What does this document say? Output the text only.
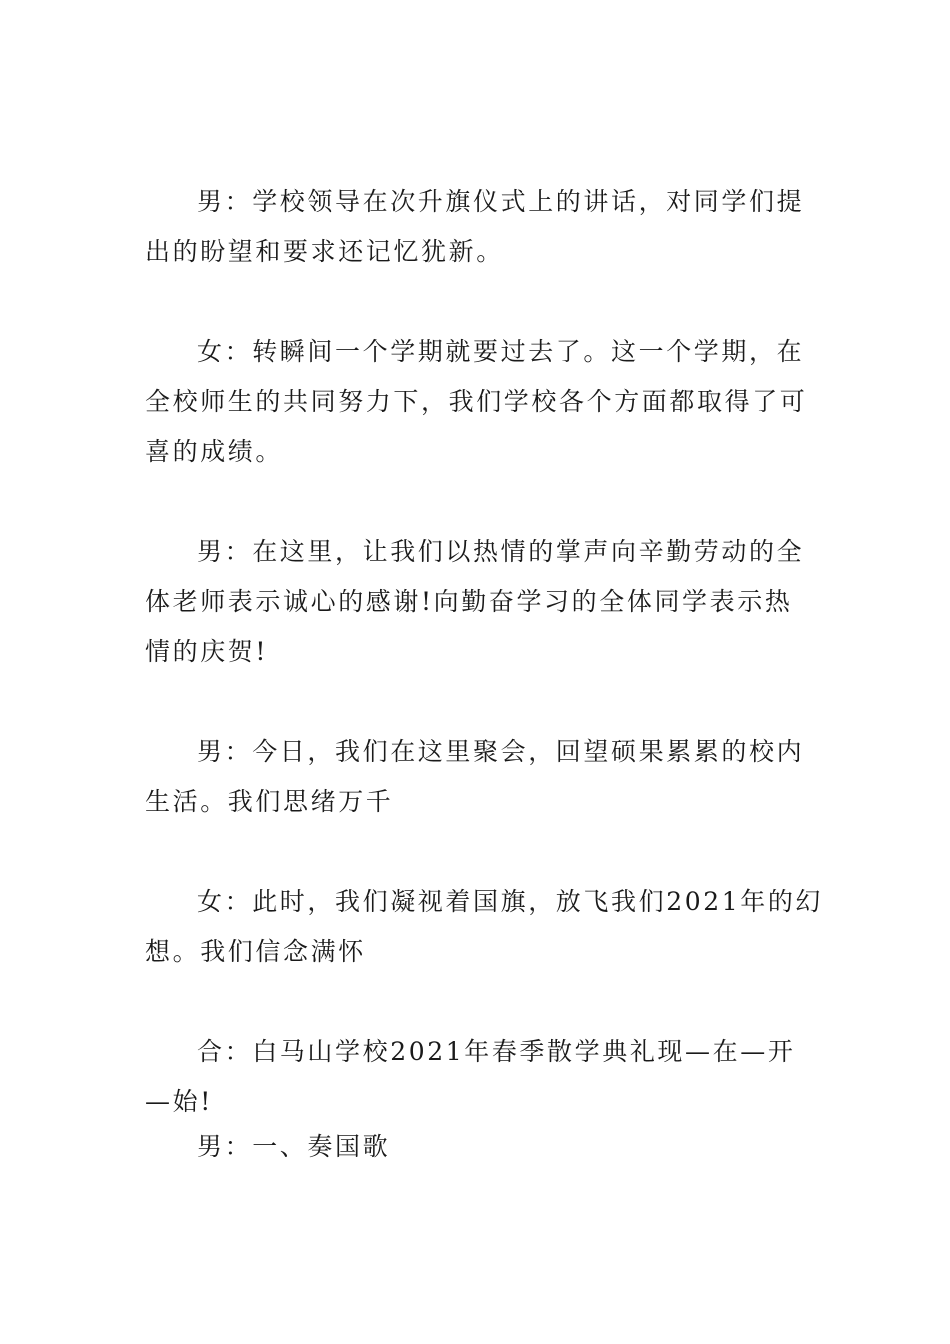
男：学校领导在次升旗仪式上的讲话，对同学们提出的盼望和要求还记忆犹新。

女：转瞬间一个学期就要过去了。这一个学期，在全校师生的共同努力下，我们学校各个方面都取得了可喜的成绩。

男：在这里，让我们以热情的掌声向辛勤劳动的全体老师表示诚心的感谢!向勤奋学习的全体同学表示热情的庆贺!

男：今日，我们在这里聚会，回望硕果累累的校内生活。我们思绪万千

女：此时，我们凝视着国旗，放飞我们2021年的幻想。我们信念满怀

合：白马山学校2021年春季散学典礼现—在—开—始!

男：一、奏国歌
